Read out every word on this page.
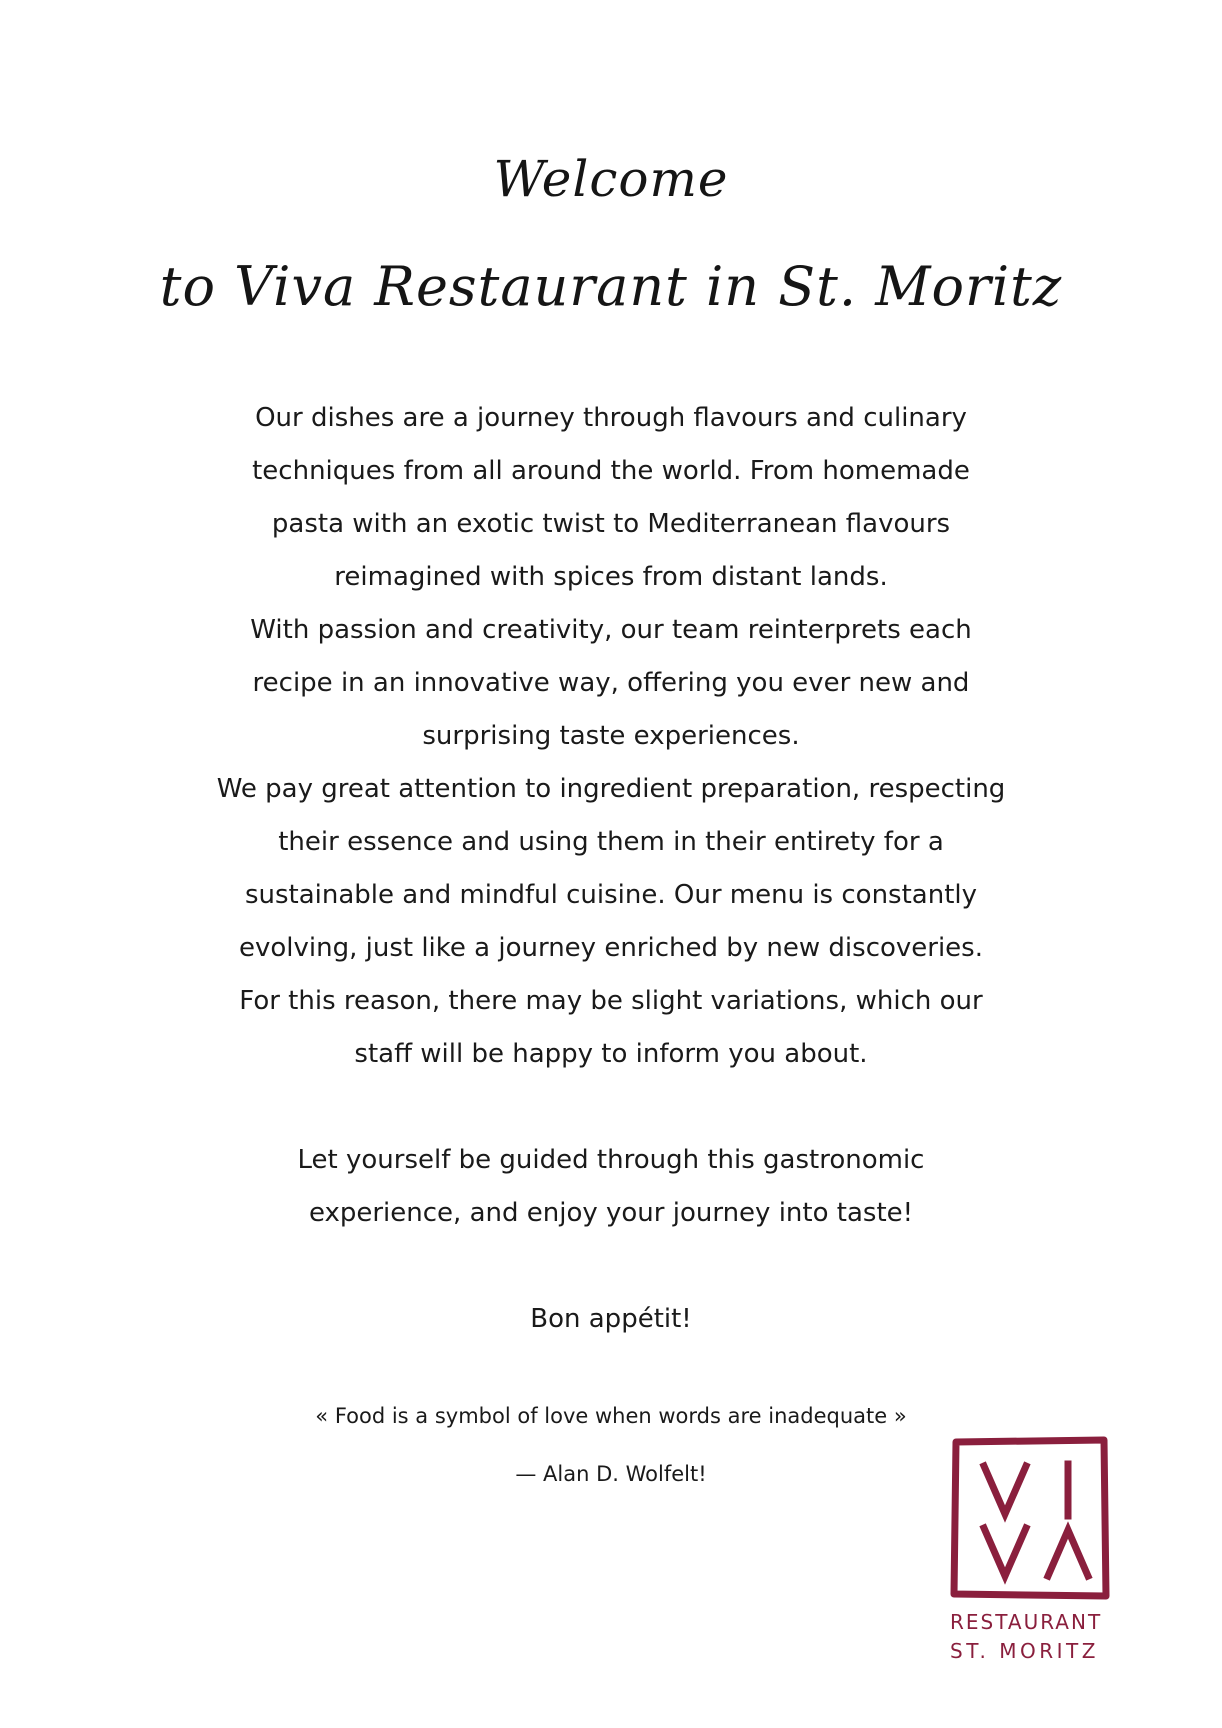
Welcome
to Viva Restaurant in St. Moritz

Our dishes are a journey through flavours and culinary techniques from all around the world. From homemade pasta with an exotic twist to Mediterranean flavours reimagined with spices from distant lands.

With passion and creativity, our team reinterprets each recipe in an innovative way, offering you ever new and surprising taste experiences.

We pay great attention to ingredient preparation, respecting their essence and using them in their entirety for a sustainable and mindful cuisine. Our menu is constantly evolving, just like a journey enriched by new discoveries. For this reason, there may be slight variations, which our staff will be happy to inform you about.

Let yourself be guided through this gastronomic experience, and enjoy your journey into taste!

Bon appétit!

« Food is a symbol of love when words are inadequate »
— Alan D. Wolfelt!
RESTAURANT
ST. MORITZ
